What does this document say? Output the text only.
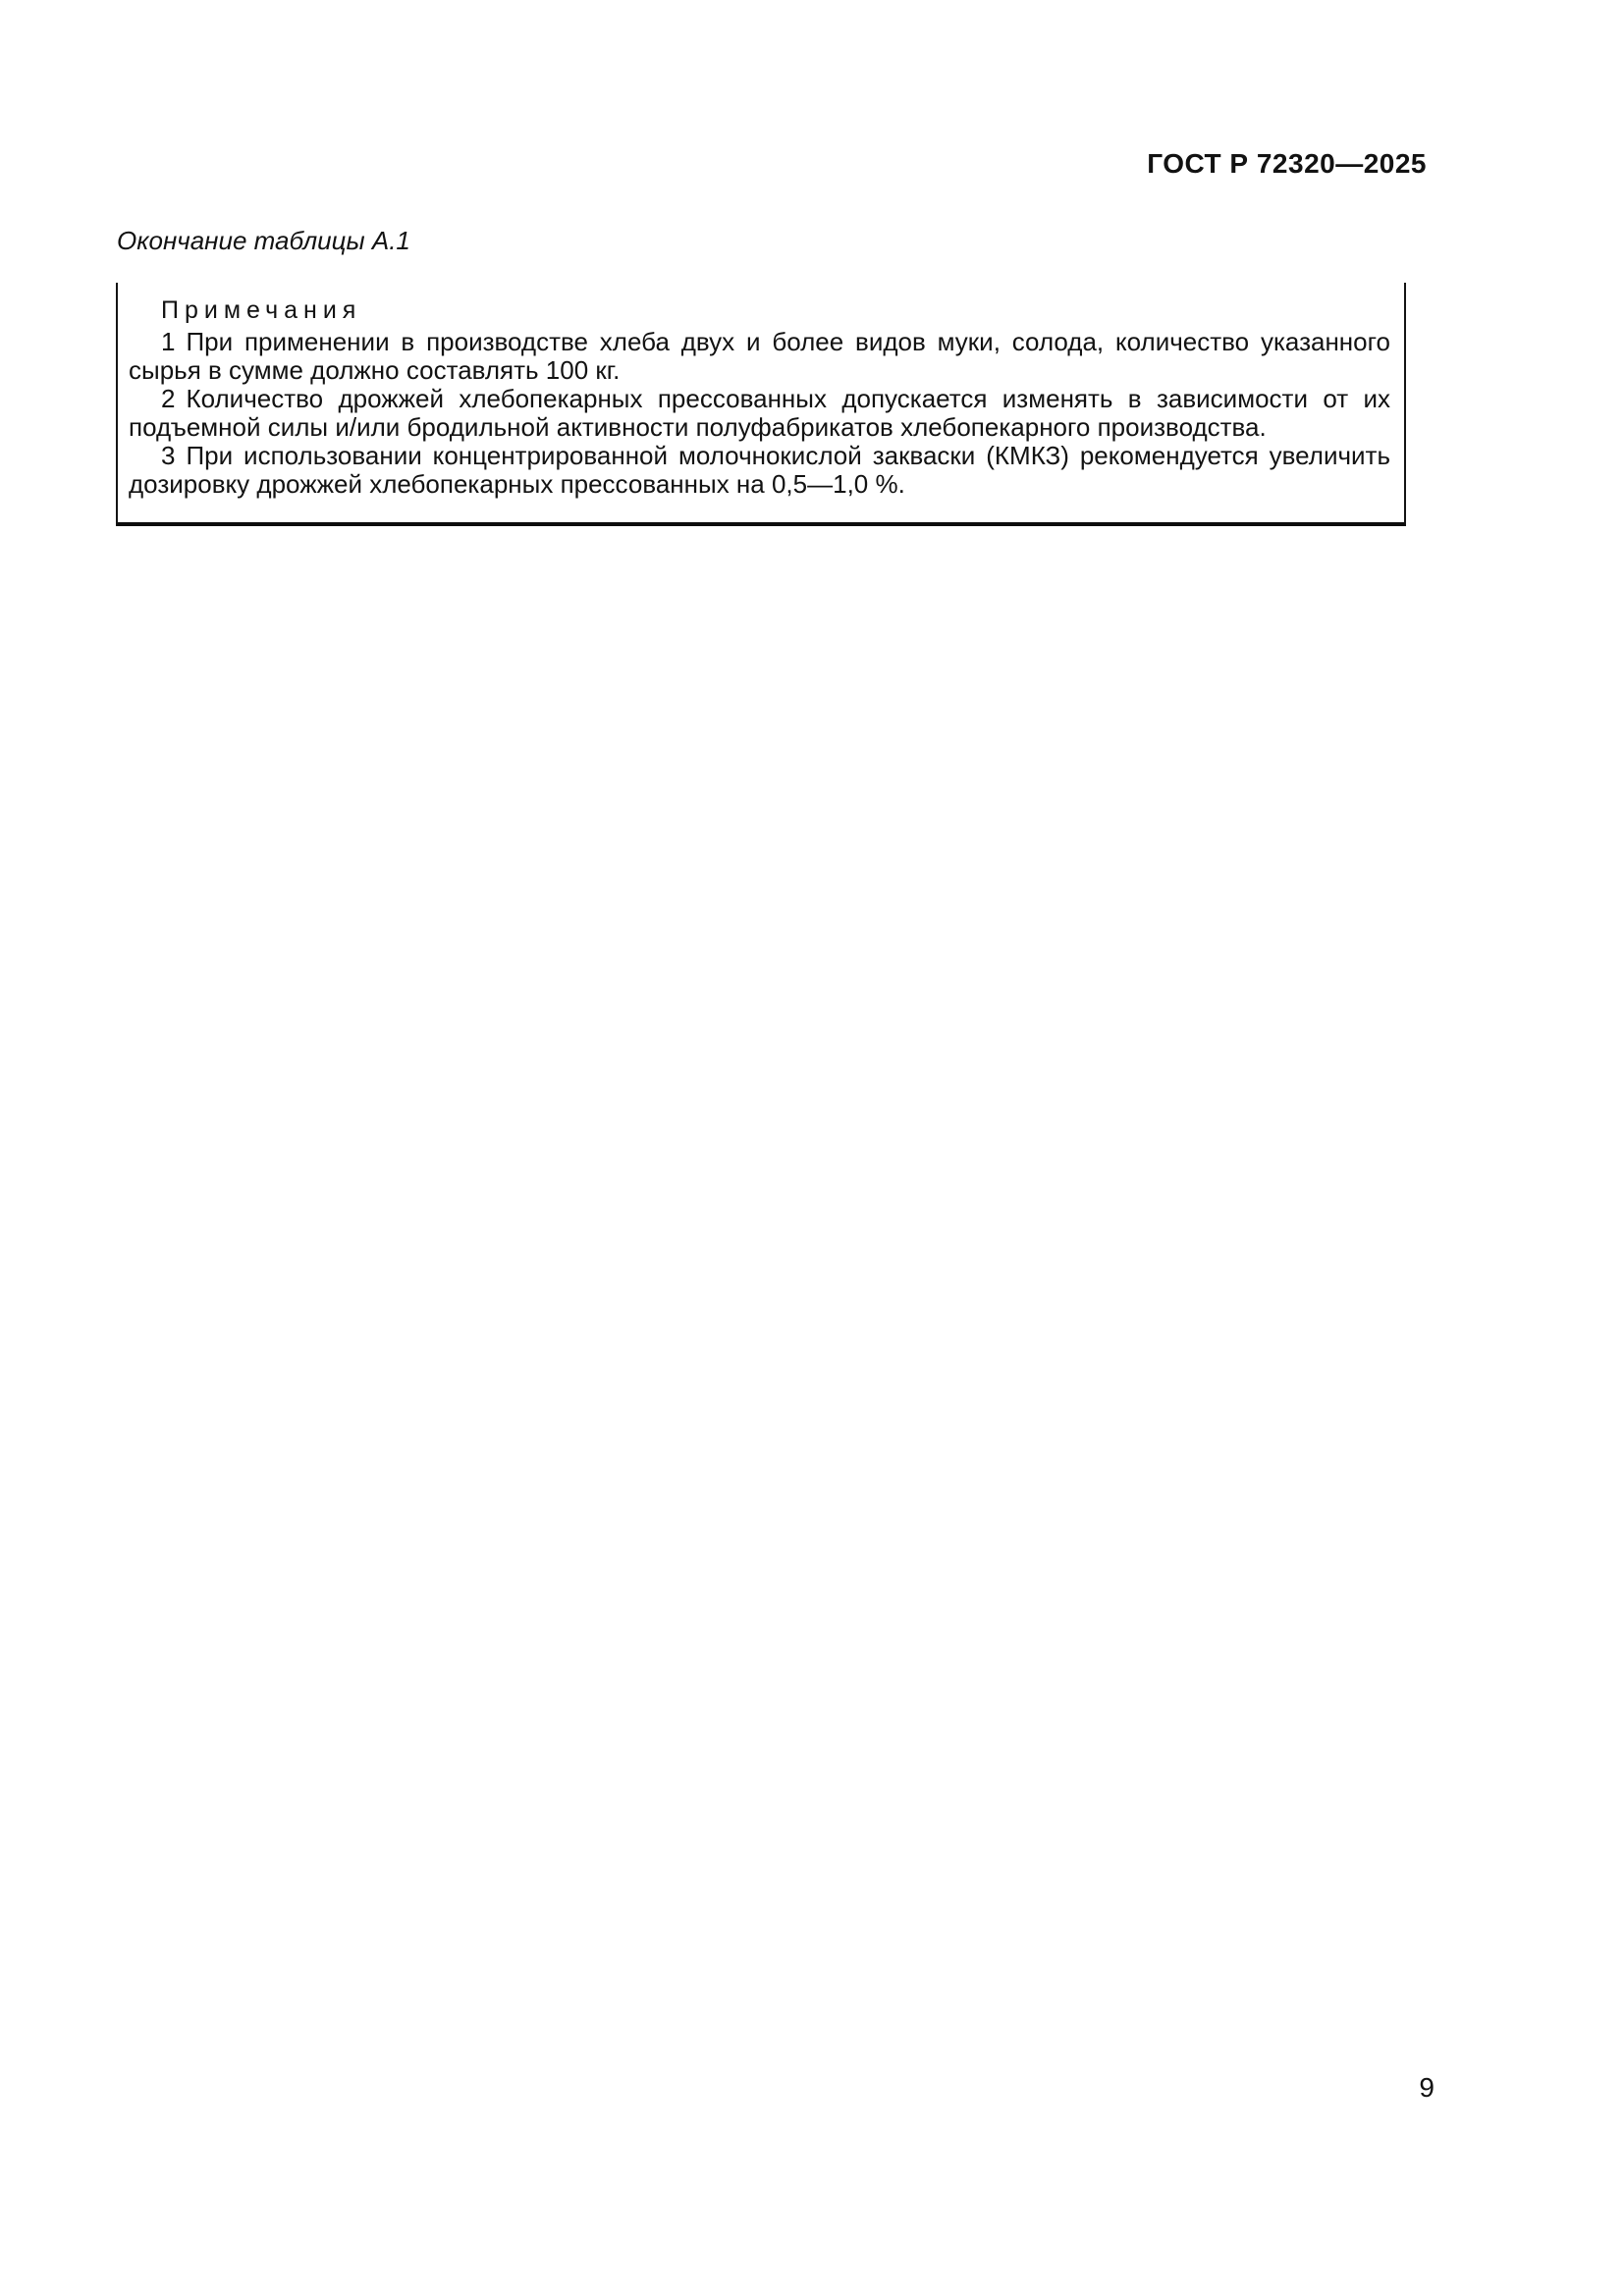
ГОСТ Р 72320—2025
Окончание таблицы А.1
Примечания

1 При применении в производстве хлеба двух и более видов муки, солода, количество указанного сырья в сумме должно составлять 100 кг.

2 Количество дрожжей хлебопекарных прессованных допускается изменять в зависимости от их подъемной силы и/или бродильной активности полуфабрикатов хлебопекарного производства.

3 При использовании концентрированной молочнокислой закваски (КМКЗ) рекомендуется увеличить дозировку дрожжей хлебопекарных прессованных на 0,5—1,0 %.

9
